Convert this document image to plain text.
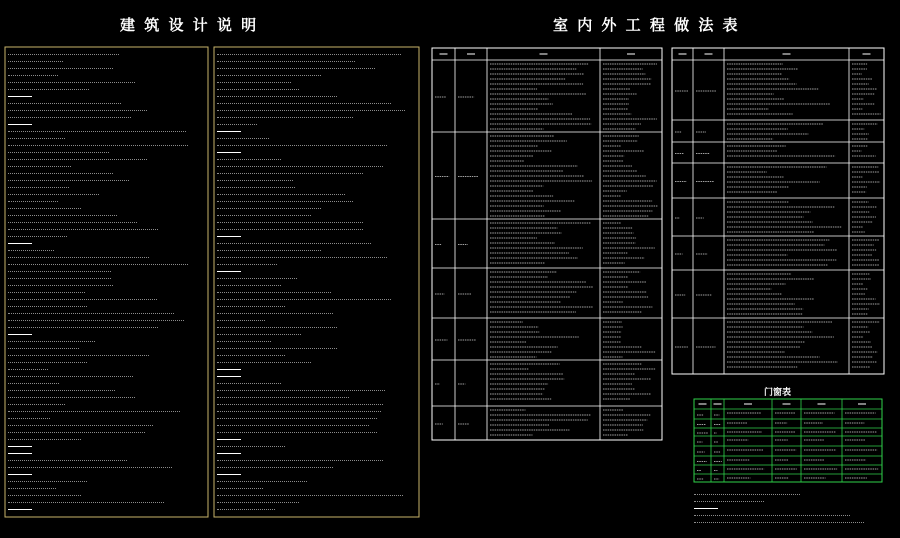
建 筑 设 计 说 明	室 内 外 工 程 做 法 表
门窗表
